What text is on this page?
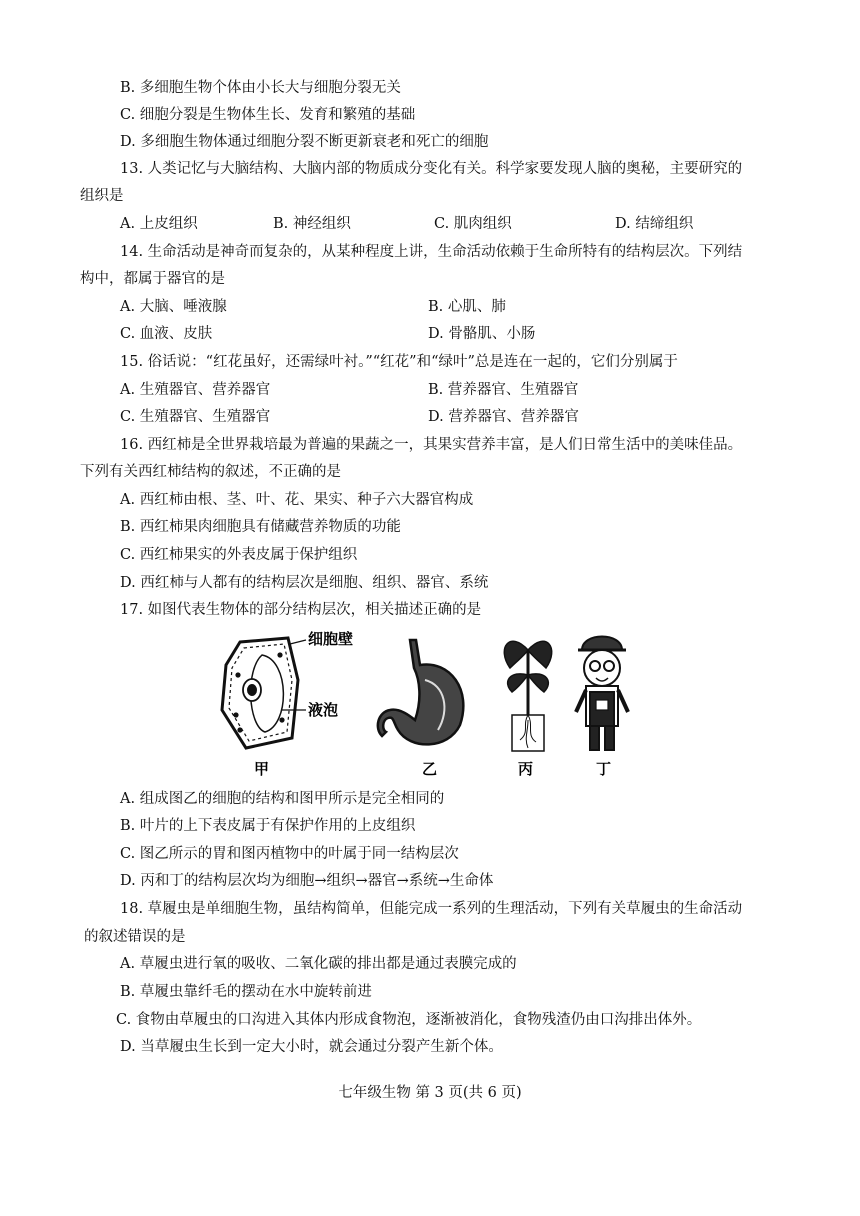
B. 多细胞生物个体由小长大与细胞分裂无关
C. 细胞分裂是生物体生长、发育和繁殖的基础
D. 多细胞生物体通过细胞分裂不断更新衰老和死亡的细胞
13. 人类记忆与大脑结构、大脑内部的物质成分变化有关。科学家要发现人脑的奥秘，主要研究的
组织是
A. 上皮组织	B. 神经组织	C. 肌肉组织	D. 结缔组织
14. 生命活动是神奇而复杂的，从某种程度上讲，生命活动依赖于生命所特有的结构层次。下列结
构中，都属于器官的是
A. 大脑、唾液腺	B. 心肌、肺
C. 血液、皮肤	D. 骨骼肌、小肠
15. 俗话说：“红花虽好，还需绿叶衬。”“红花”和“绿叶”总是连在一起的，它们分别属于
A. 生殖器官、营养器官	B. 营养器官、生殖器官
C. 生殖器官、生殖器官	D. 营养器官、营养器官
16. 西红柿是全世界栽培最为普遍的果蔬之一，其果实营养丰富，是人们日常生活中的美味佳品。
下列有关西红柿结构的叙述，不正确的是
A. 西红柿由根、茎、叶、花、果实、种子六大器官构成
B. 西红柿果肉细胞具有储藏营养物质的功能
C. 西红柿果实的外表皮属于保护组织
D. 西红柿与人都有的结构层次是细胞、组织、器官、系统
17. 如图代表生物体的部分结构层次，相关描述正确的是
细胞壁
液泡
甲	乙	丙	丁
A. 组成图乙的细胞的结构和图甲所示是完全相同的
B. 叶片的上下表皮属于有保护作用的上皮组织
C. 图乙所示的胃和图丙植物中的叶属于同一结构层次
D. 丙和丁的结构层次均为细胞→组织→器官→系统→生命体
18. 草履虫是单细胞生物，虽结构简单，但能完成一系列的生理活动，下列有关草履虫的生命活动
的叙述错误的是
A. 草履虫进行氧的吸收、二氧化碳的排出都是通过表膜完成的
B. 草履虫靠纤毛的摆动在水中旋转前进
C. 食物由草履虫的口沟进入其体内形成食物泡，逐渐被消化，食物残渣仍由口沟排出体外。
D. 当草履虫生长到一定大小时，就会通过分裂产生新个体。
七年级生物 第 3 页(共 6 页)
